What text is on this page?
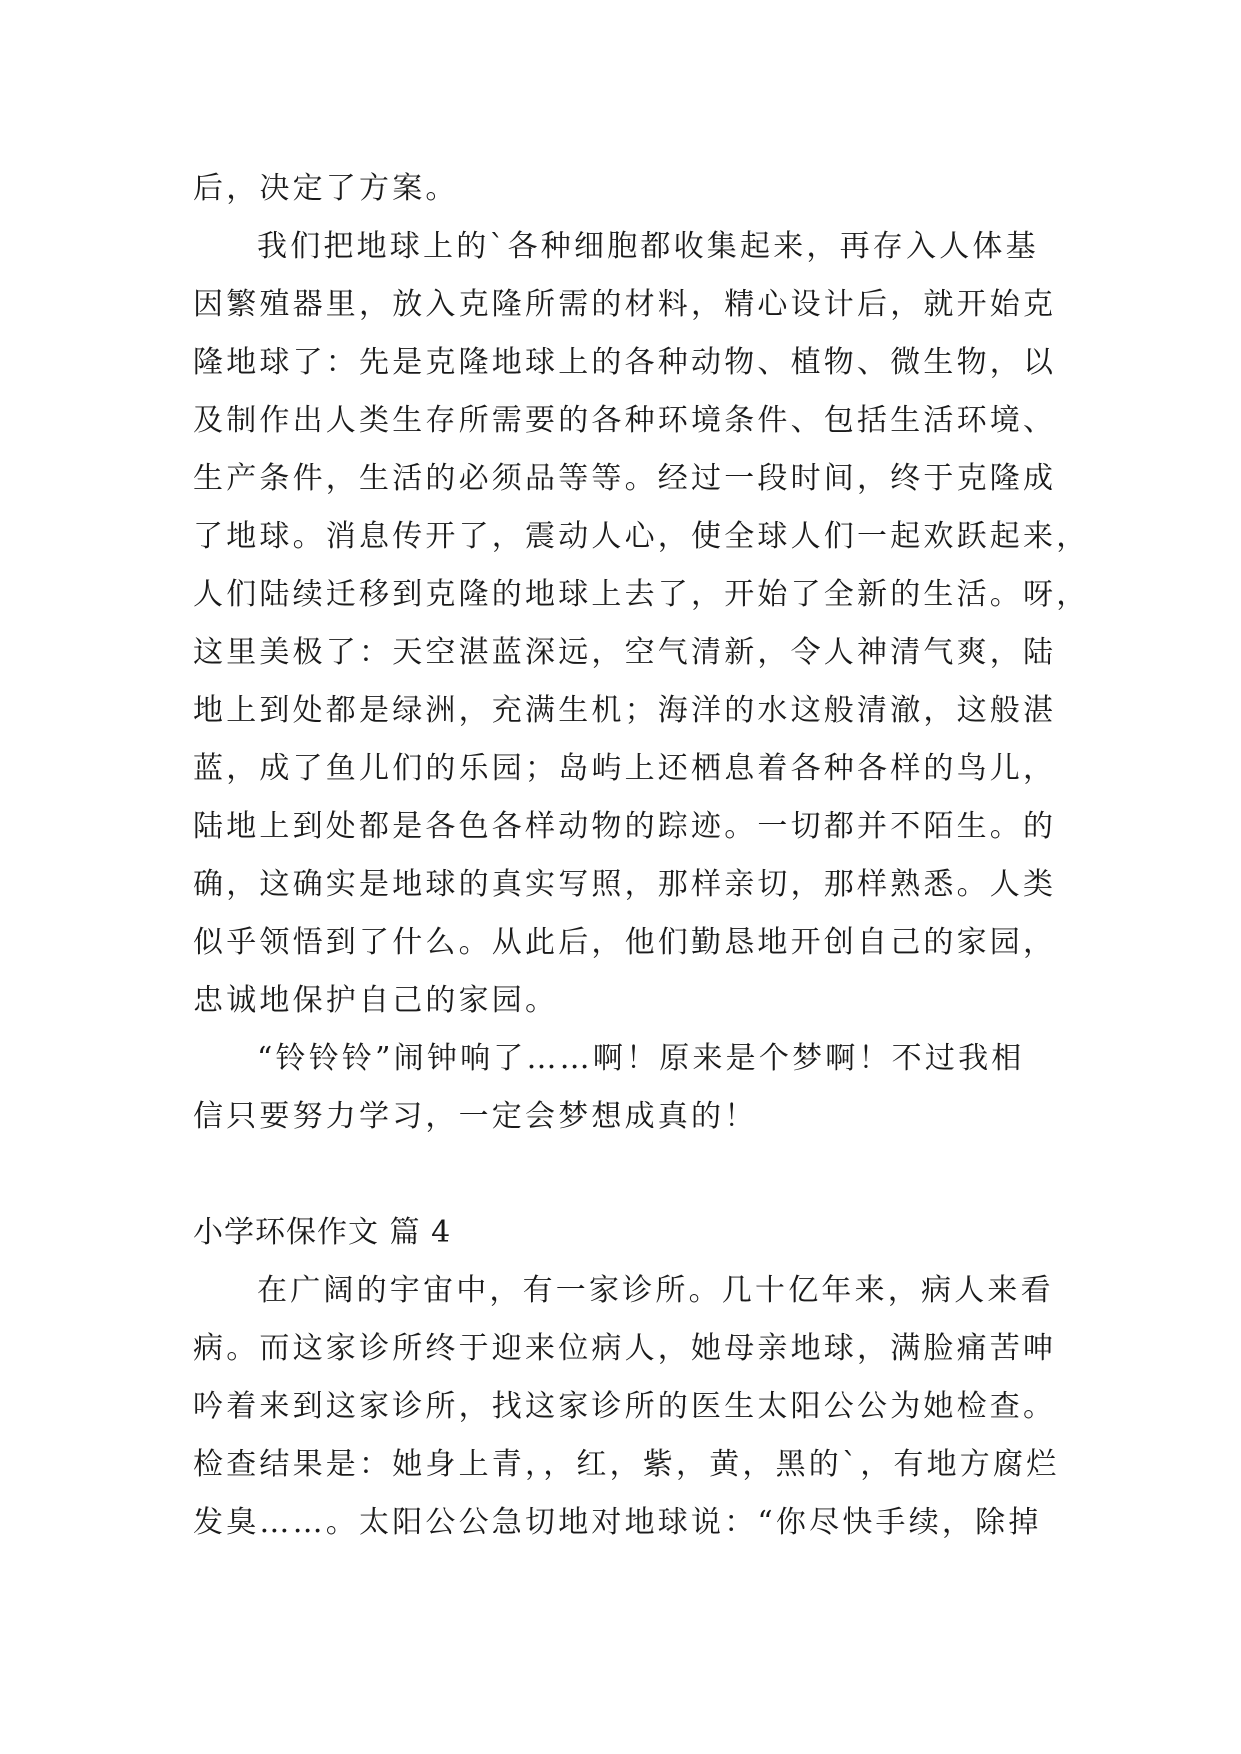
后，决定了方案。
我们把地球上的`各种细胞都收集起来，再存入人体基
因繁殖器里，放入克隆所需的材料，精心设计后，就开始克
隆地球了：先是克隆地球上的各种动物、植物、微生物，以
及制作出人类生存所需要的各种环境条件、包括生活环境、
生产条件，生活的必须品等等。经过一段时间，终于克隆成
了地球。消息传开了，震动人心，使全球人们一起欢跃起来，
人们陆续迁移到克隆的地球上去了，开始了全新的生活。呀，
这里美极了：天空湛蓝深远，空气清新，令人神清气爽，陆
地上到处都是绿洲，充满生机；海洋的水这般清澈，这般湛
蓝，成了鱼儿们的乐园；岛屿上还栖息着各种各样的鸟儿，
陆地上到处都是各色各样动物的踪迹。一切都并不陌生。的
确，这确实是地球的真实写照，那样亲切，那样熟悉。人类
似乎领悟到了什么。从此后，他们勤恳地开创自己的家园，
忠诚地保护自己的家园。
“铃铃铃”闹钟响了……啊！原来是个梦啊！不过我相
信只要努力学习，一定会梦想成真的！
小学环保作文 篇 4
在广阔的宇宙中，有一家诊所。几十亿年来，病人来看
病。而这家诊所终于迎来位病人，她母亲地球，满脸痛苦呻
吟着来到这家诊所，找这家诊所的医生太阳公公为她检查。
检查结果是：她身上青，，红，紫，黄，黑的`，有地方腐烂
发臭……。太阳公公急切地对地球说：“你尽快手续，除掉
